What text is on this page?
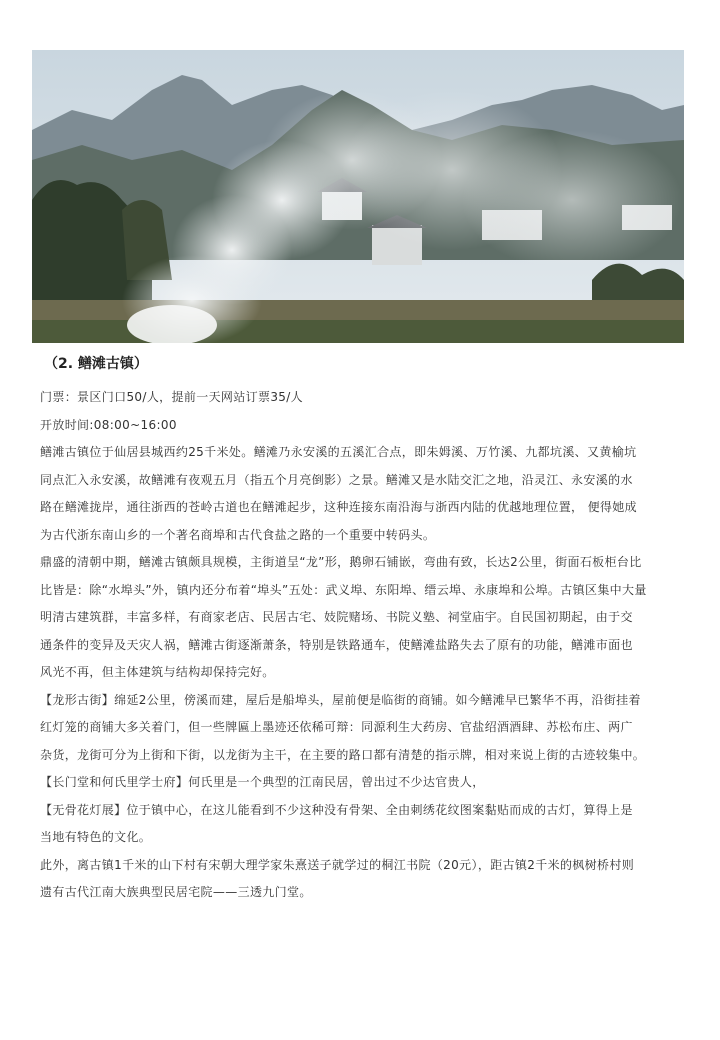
（2. 鳝滩古镇）

门票：景区门口50/人，提前一天网站订票35/人

开放时间:08:00~16:00

鳝滩古镇位于仙居县城西约25千米处。鳝滩乃永安溪的五溪汇合点，即朱姆溪、万竹溪、九都坑溪、又黄榆坑

同点汇入永安溪，故鳝滩有夜观五月（指五个月亮倒影）之景。鳝滩又是水陆交汇之地，沿灵江、永安溪的水

路在鳝滩拢岸，通往浙西的苍岭古道也在鳝滩起步，这种连接东南沿海与浙西内陆的优越地理位置， 便得她成

为古代浙东南山乡的一个著名商埠和古代食盐之路的一个重要中转码头。

鼎盛的清朝中期，鳝滩古镇颇具规模，主街道呈“龙”形，鹅卵石铺嵌，弯曲有致，长达2公里，街面石板柜台比

比皆是：除“水埠头”外，镇内还分布着“埠头”五处：武义埠、东阳埠、缙云埠、永康埠和公埠。古镇区集中大量

明清古建筑群，丰富多样，有商家老店、民居古宅、妓院赌场、书院义塾、祠堂庙宇。自民国初期起，由于交

通条件的变异及天灾人祸，鳝滩古街逐渐萧条，特别是铁路通车，使鳝滩盐路失去了原有的功能，鳝滩市面也

风光不再，但主体建筑与结构却保持完好。

【龙形古街】绵延2公里，傍溪而建，屋后是船埠头，屋前便是临街的商铺。如今鳝滩早已繁华不再，沿街挂着

红灯笼的商铺大多关着门，但一些牌匾上墨迹还依稀可辩：同源利生大药房、官盐绍酒酒肆、苏松布庄、两广

杂货，龙街可分为上街和下街，以龙街为主干，在主要的路口都有清楚的指示牌，相对来说上街的古迹较集中。

【长门堂和何氏里学士府】何氏里是一个典型的江南民居，曾出过不少达官贵人，

【无骨花灯展】位于镇中心，在这儿能看到不少这种没有骨架、全由刺绣花纹图案黏贴而成的古灯，算得上是

当地有特色的文化。

此外，离古镇1千米的山下村有宋朝大理学家朱熹送子就学过的桐江书院（20元），距古镇2千米的枫树桥村则

遗有古代江南大族典型民居宅院——三透九门堂。
